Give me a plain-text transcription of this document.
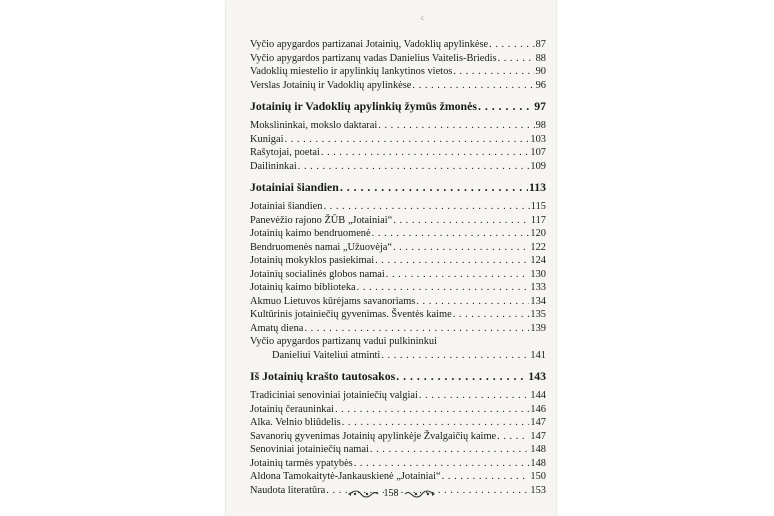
c
Vyčio apygardos partizanai Jotainių, Vadoklių apylinkėse . . .	87
Vyčio apygardos partizanų vadas Danielius Vaitelis-Briedis . . .	88
Vadoklių miestelio ir apylinkių lankytinos vietos . . .	90
Verslas Jotainių ir Vadoklių apylinkėse . . .	96
Jotainių ir Vadoklių apylinkių žymūs žmonės . . .	97
Mokslininkai, mokslo daktarai . . .	98
Kunigai . . .	103
Rašytojai, poetai . . .	107
Dailininkai . . .	109
Jotainiai šiandien . . .	113
Jotainiai šiandien . . .	115
Panevėžio rajono ŽŪB „Jotainiai“ . . .	117
Jotainių kaimo bendruomenė . . .	120
Bendruomenės namai „Užuovėja“ . . .	122
Jotainių mokyklos pasiekimai . . .	124
Jotainių socialinės globos namai . . .	130
Jotainių kaimo biblioteka . . .	133
Akmuo Lietuvos kūrėjams savanoriams . . .	134
Kultūrinis jotainiečių gyvenimas. Šventės kaime . . .	135
Amatų diena . . .	139
Vyčio apygardos partizanų vadui pulkininkui
Danieliui Vaiteliui atminti . . .	141
Iš Jotainių krašto tautosakos . . .	143
Tradiciniai senoviniai jotainiečių valgiai . . .	144
Jotainių čerauninkai . . .	146
Alka. Velnio bliūdelis . . .	147
Savanorių gyvenimas Jotainių apylinkėje Žvalgaičių kaime . . .	147
Senoviniai jotainiečių namai . . .	148
Jotainių tarmės ypatybės . . .	148
Aldona Tamokaitytė-Jankauskienė „Jotainiai“ . . .	150
Naudota literatūra . . .	153
158
